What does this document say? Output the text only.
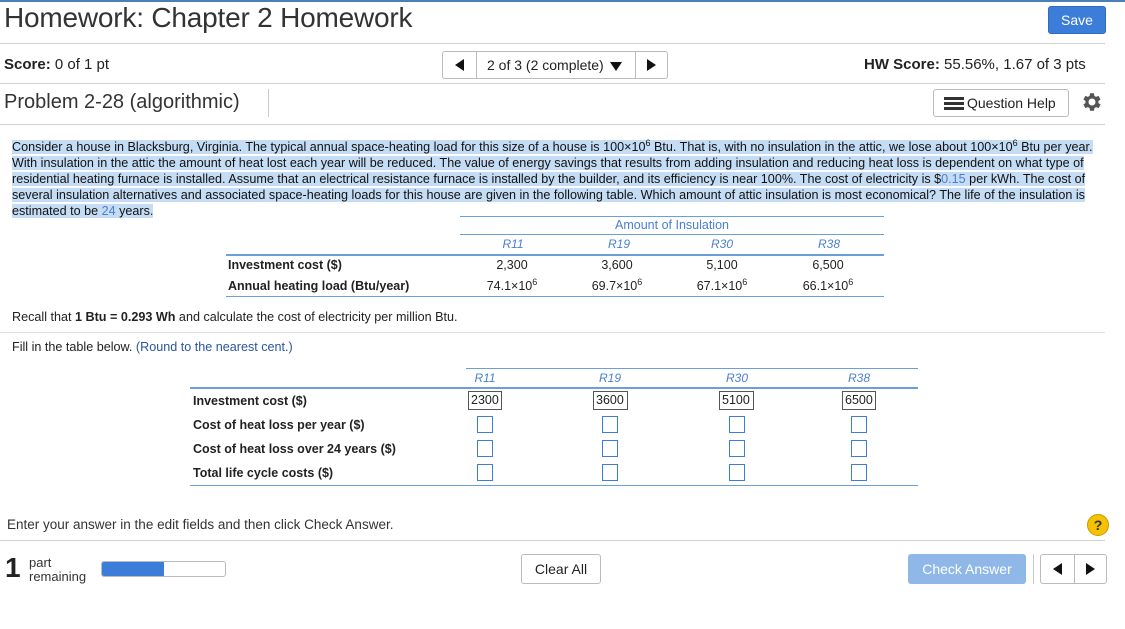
Homework: Chapter 2 Homework	Save
Score: 0 of 1 pt	2 of 3 (2 complete)	HW Score: 55.56%, 1.67 of 3 pts
Problem 2-28 (algorithmic)	Question Help
Consider a house in Blacksburg, Virginia. The typical annual space-heating load for this size of a house is $100\times 10^6$ Btu. That is, with no insulation in the attic, we lose about $100\times 10^6$ Btu per year. With insulation in the attic the amount of heat lost each year will be reduced. The value of energy savings that results from adding insulation and reducing heat loss is dependent on what type of residential heating furnace is installed. Assume that an electrical resistance furnace is installed by the builder, and its efficiency is near 100%. The cost of electricity is $0.15 per kWh. The cost of several insulation alternatives and associated space-heating loads for this house are given in the following table. Which amount of attic insulation is most economical? The life of the insulation is estimated to be 24 years.
Amount of Insulation
R11	R19	R30	R38
Investment cost ($)	2,300	3,600	5,100	6,500
Annual heating load (Btu/year)	$74.1\times 10^6$	$69.7\times 10^6$	$67.1\times 10^6$	$66.1\times 10^6$
Recall that 1 Btu = 0.293 Wh and calculate the cost of electricity per million Btu.
Fill in the table below. (Round to the nearest cent.)
R11	R19	R30	R38
Investment cost ($)	2300	3600	5100	6500
Cost of heat loss per year ($)
Cost of heat loss over 24 years ($)
Total life cycle costs ($)
Enter your answer in the edit fields and then click Check Answer.	?
1 part
remaining	Clear All	Check Answer
